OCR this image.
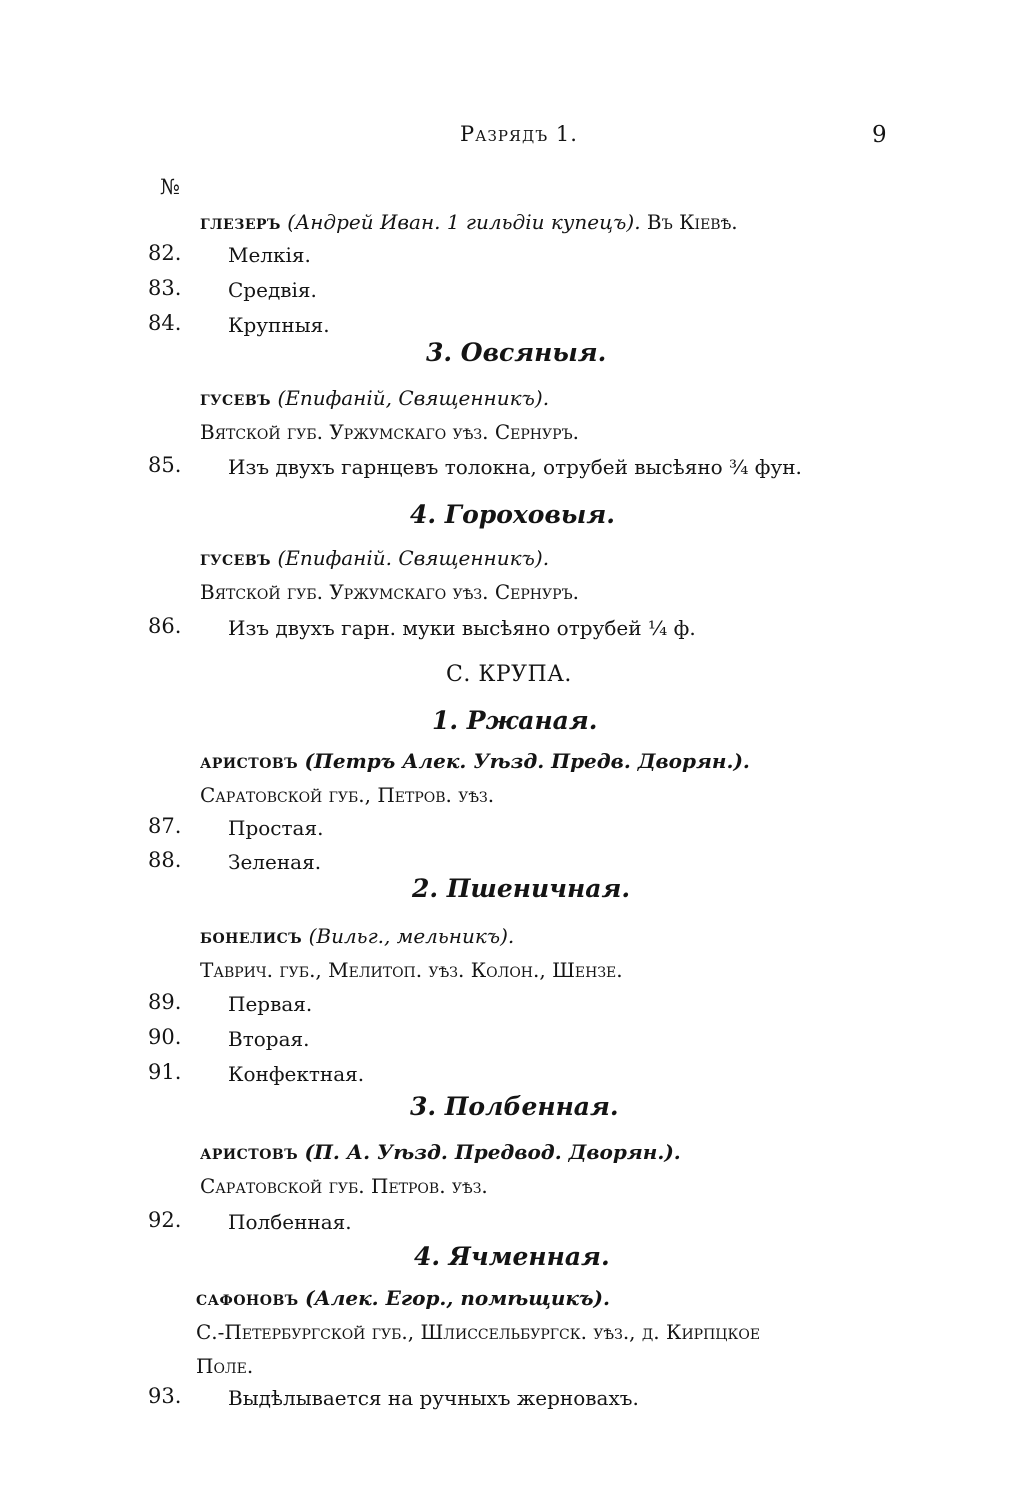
Разрядъ 1.	9
№
глезеръ (Андрей Иван. 1 гильдіи купецъ). Въ Кіевѣ.
82. Мелкія.
83. Средвія.
84. Крупныя.
3. Овсяныя.
гусевъ (Епифаній, Священникъ).
Вятской губ. Уржумскаго уѣз. Сернуръ.
85. Изъ двухъ гарнцевъ толокна, отрубей высѣяно ¾ фун.
4. Гороховыя.
гусевъ (Епифаній. Священникъ).
Вятской губ. Уржумскаго уѣз. Сернуръ.
86. Изъ двухъ гарн. муки высѣяно отрубей ¼ ф.
С. КРУПА.
1. Ржаная.
аристовъ (Петръ Алек. Уѣзд. Предв. Дворян.).
Саратовской губ., Петров. уѣз.
87. Простая.
88. Зеленая.
2. Пшеничная.
бонелисъ (Вильг., мельникъ).
Таврич. губ., Мелитоп. уѣз. Колон., Шензе.
89. Первая.
90. Вторая.
91. Конфектная.
3. Полбенная.
аристовъ (П. А. Уѣзд. Предвод. Дворян.).
Саратовской губ. Петров. уѣз.
92. Полбенная.
4. Ячменная.
сафоновъ (Алек. Егор., помѣщикъ).
С.-Петербургской губ., Шлиссельбургск. уѣз., д. Кирпцкое
Поле.
93. Выдѣлывается на ручныхъ жерновахъ.
